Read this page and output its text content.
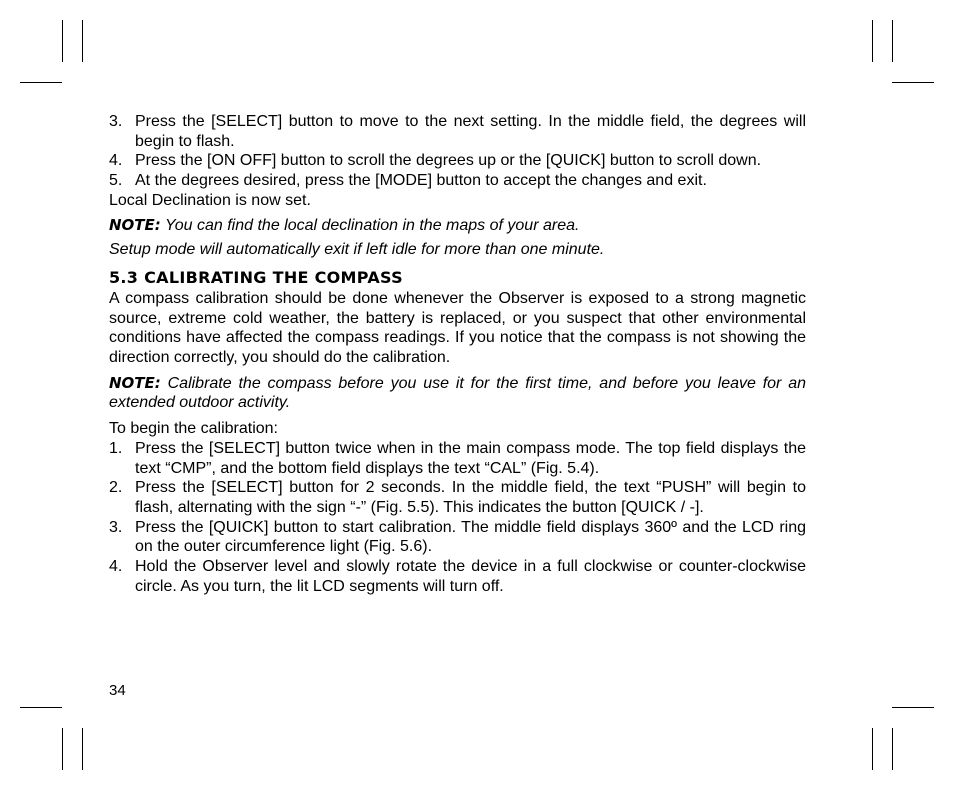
3. Press the [SELECT] button to move to the next setting. In the middle field, the degrees will begin to flash.
4. Press the [ON OFF] button to scroll the degrees up or the [QUICK] button to scroll down.
5. At the degrees desired, press the [MODE] button to accept the changes and exit.
Local Declination is now set.
NOTE: You can find the local declination in the maps of your area.
Setup mode will automatically exit if left idle for more than one minute.
5.3 CALIBRATING THE COMPASS
A compass calibration should be done whenever the Observer is exposed to a strong magnetic source, extreme cold weather, the battery is replaced, or you suspect that other environmental conditions have affected the compass readings. If you notice that the compass is not showing the direction correctly, you should do the calibration.
NOTE: Calibrate the compass before you use it for the first time, and before you leave for an extended outdoor activity.
To begin the calibration:
1. Press the [SELECT] button twice when in the main compass mode. The top field displays the text “CMP”, and the bottom field displays the text “CAL” (Fig. 5.4).
2. Press the [SELECT] button for 2 seconds. In the middle field, the text “PUSH” will begin to flash, alternating with the sign “-” (Fig. 5.5). This indicates the button [QUICK / -].
3. Press the [QUICK] button to start calibration. The middle field displays 360º and the LCD ring on the outer circumference light (Fig. 5.6).
4. Hold the Observer level and slowly rotate the device in a full clockwise or counter-clockwise circle. As you turn, the lit LCD segments will turn off.
34
